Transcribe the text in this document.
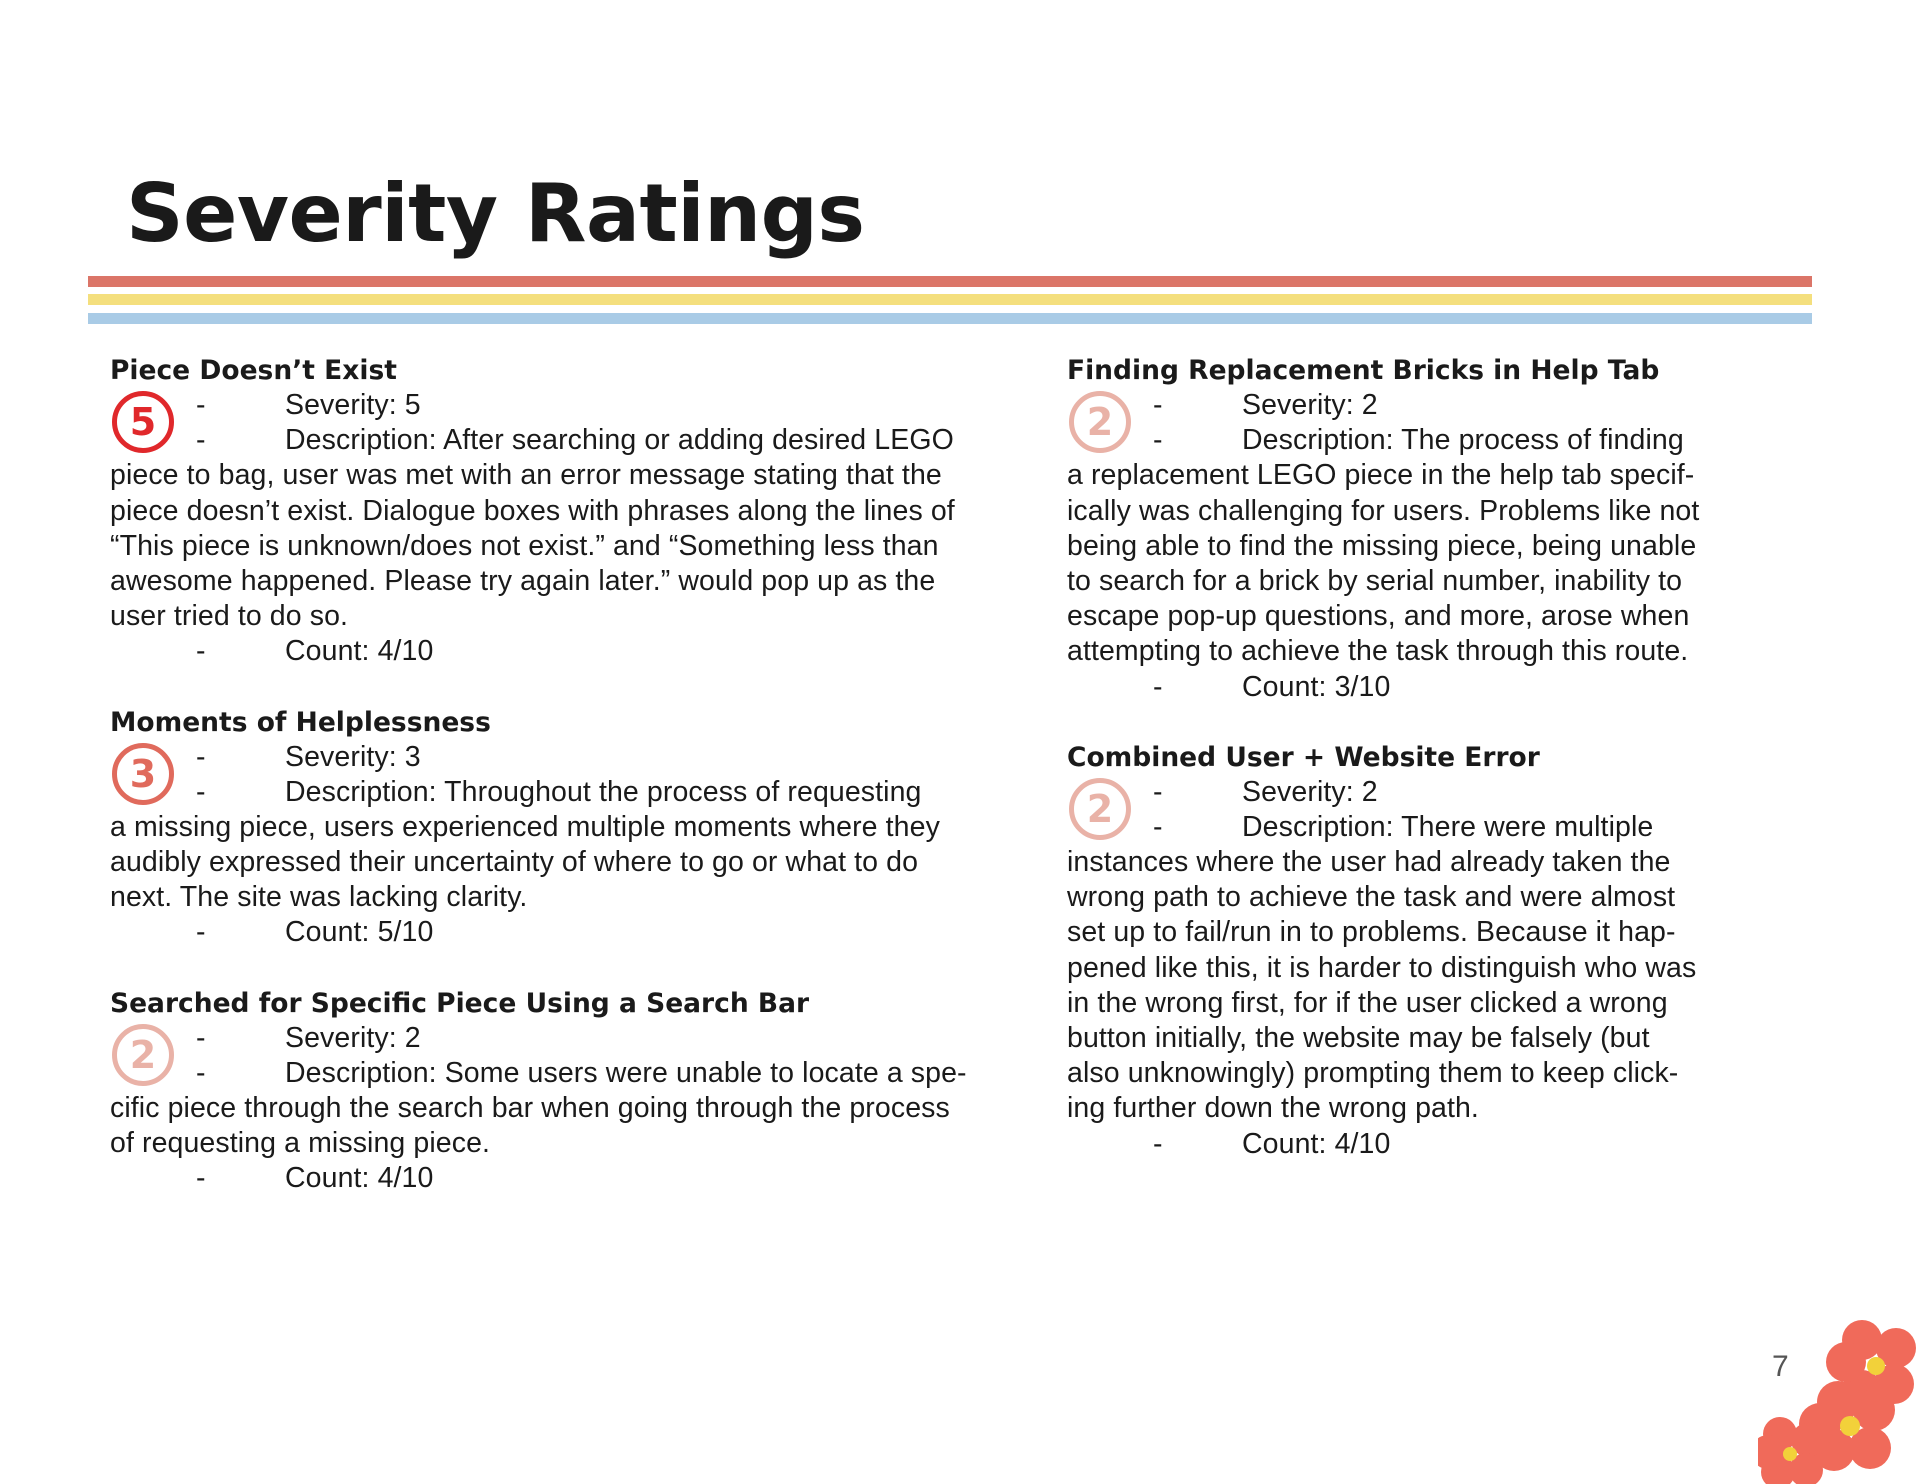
Severity Ratings
Piece Doesn’t Exist
5	-	Severity: 5
-	Description: After searching or adding desired LEGO
piece to bag, user was met with an error message stating that the
piece doesn’t exist. Dialogue boxes with phrases along the lines of
“This piece is unknown/does not exist.” and “Something less than
awesome happened. Please try again later.” would pop up as the
user tried to do so.
-	Count: 4/10
Moments of Helplessness
3	-	Severity: 3
-	Description: Throughout the process of requesting
a missing piece, users experienced multiple moments where they
audibly expressed their uncertainty of where to go or what to do
next. The site was lacking clarity.
-	Count: 5/10
Searched for Specific Piece Using a Search Bar
2	-	Severity: 2
-	Description: Some users were unable to locate a spe-
cific piece through the search bar when going through the process
of requesting a missing piece.
-	Count: 4/10
Finding Replacement Bricks in Help Tab
2	-	Severity: 2
-	Description: The process of finding
a replacement LEGO piece in the help tab specif-
ically was challenging for users. Problems like not
being able to find the missing piece, being unable
to search for a brick by serial number, inability to
escape pop-up questions, and more, arose when
attempting to achieve the task through this route.
-	Count: 3/10
Combined User + Website Error
2	-	Severity: 2
-	Description: There were multiple
instances where the user had already taken the
wrong path to achieve the task and were almost
set up to fail/run in to problems. Because it hap-
pened like this, it is harder to distinguish who was
in the wrong first, for if the user clicked a wrong
button initially, the website may be falsely (but
also unknowingly) prompting them to keep click-
ing further down the wrong path.
-	Count: 4/10
7
